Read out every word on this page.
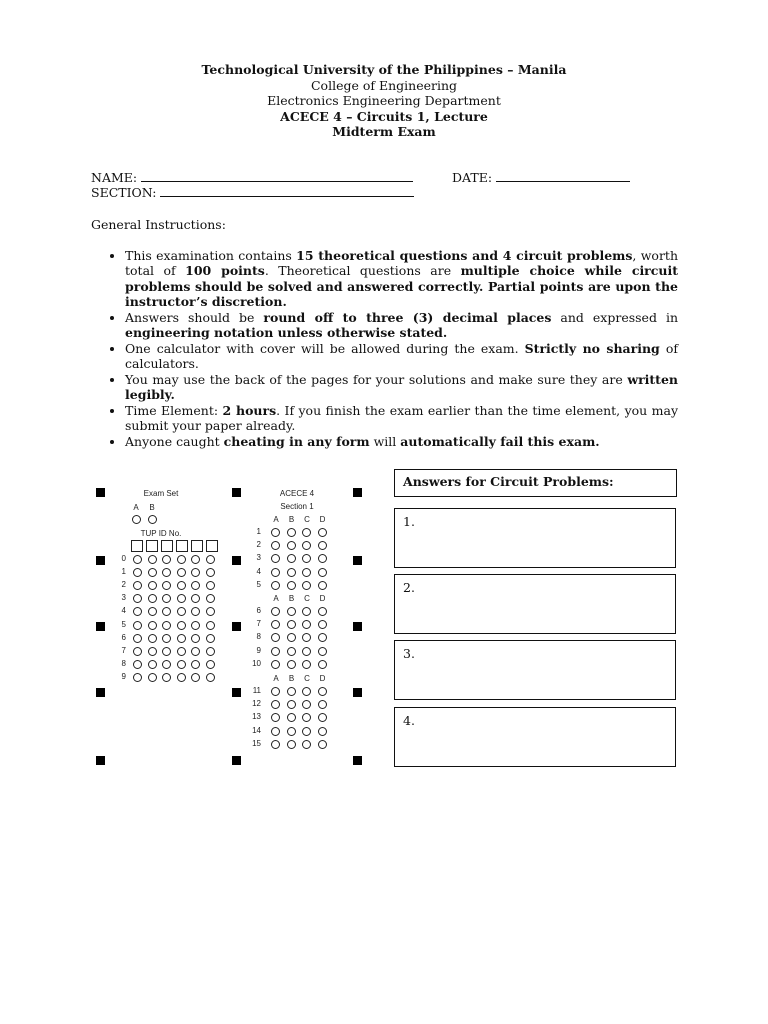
Technological University of the Philippines – Manila
College of Engineering
Electronics Engineering Department
ACECE 4 – Circuits 1, Lecture
Midterm Exam
NAME:
SECTION:
DATE:
General Instructions:
• This examination contains 15 theoretical questions and 4 circuit problems, worth total of 100 points. Theoretical questions are multiple choice while circuit problems should be solved and answered correctly. Partial points are upon the instructor’s discretion.
• Answers should be round off to three (3) decimal places and expressed in engineering notation unless otherwise stated.
• One calculator with cover will be allowed during the exam. Strictly no sharing of calculators.
• You may use the back of the pages for your solutions and make sure they are written legibly.
• Time Element: 2 hours. If you finish the exam earlier than the time element, you may submit your paper already.
• Anyone caught cheating in any form will automatically fail this exam.
Exam Set
A B
TUP ID No.
0
1
2
3
4
5
6
7
8
9
ACECE 4
Section 1
A B C D
1
2
3
4
5
A B C D
6
7
8
9
10
A B C D
11
12
13
14
15
Answers for Circuit Problems:
1.
2.
3.
4.
